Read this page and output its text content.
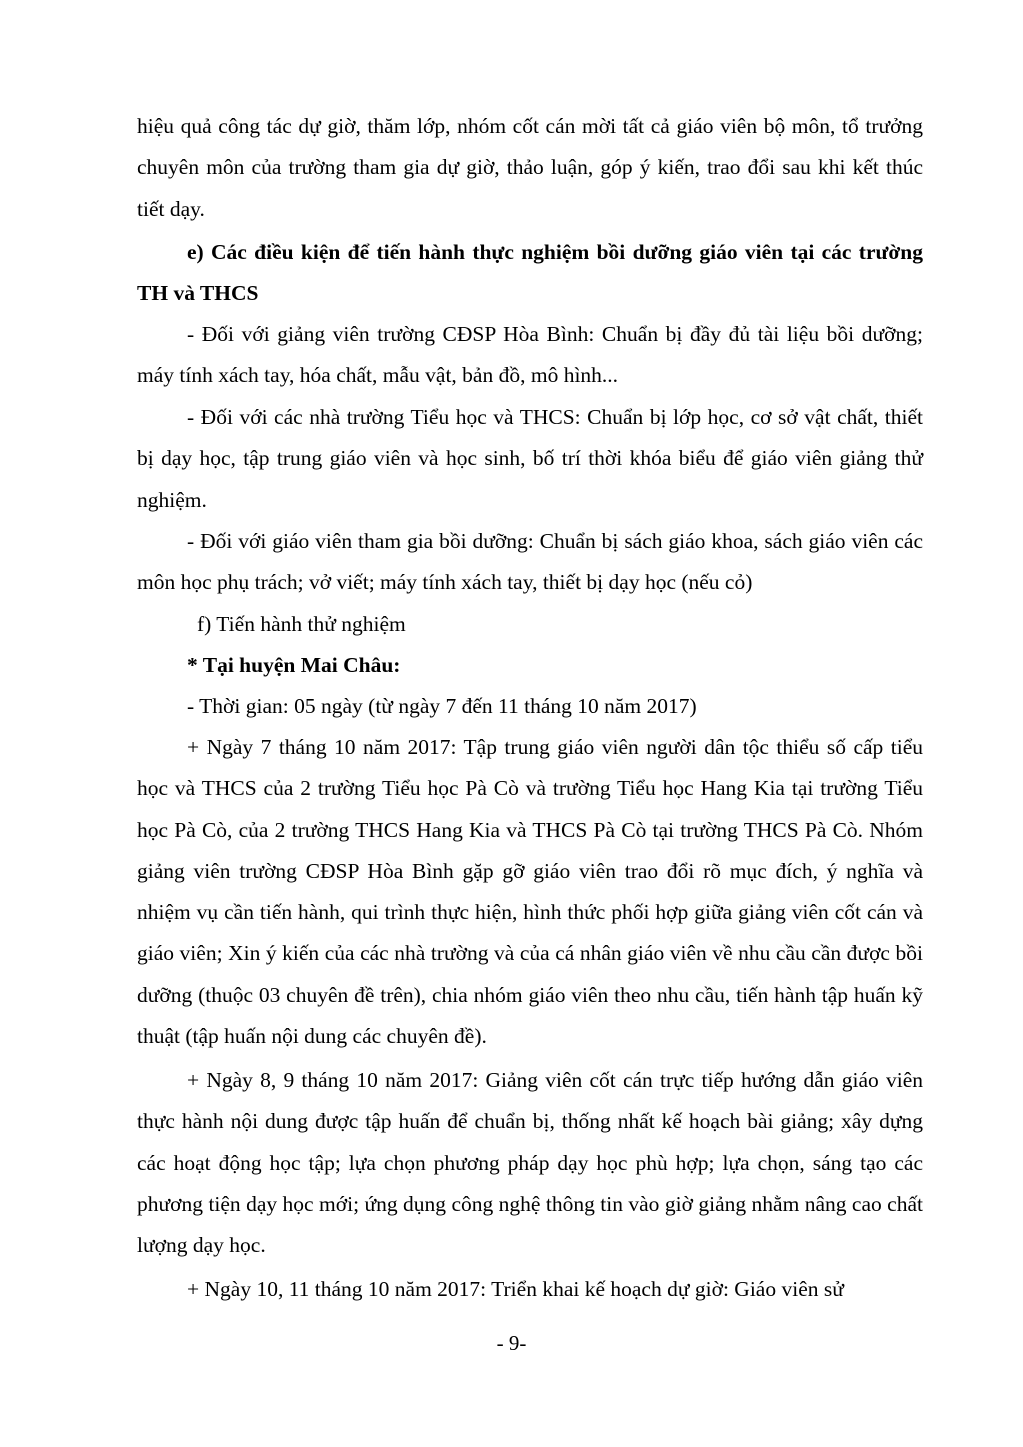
hiệu quả công tác dự giờ, thăm lớp, nhóm cốt cán mời tất cả giáo viên bộ môn, tổ trưởng chuyên môn của trường tham gia dự giờ, thảo luận, góp ý kiến, trao đổi sau khi kết thúc tiết dạy.

e) Các điều kiện để tiến hành thực nghiệm bồi dưỡng giáo viên tại các trường TH và THCS

- Đối với giảng viên trường CĐSP Hòa Bình: Chuẩn bị đầy đủ tài liệu bồi dưỡng; máy tính xách tay, hóa chất, mẫu vật, bản đồ, mô hình...

- Đối với các nhà trường Tiểu học và THCS: Chuẩn bị lớp học, cơ sở vật chất, thiết bị dạy học, tập trung giáo viên và học sinh, bố trí thời khóa biểu để giáo viên giảng thử nghiệm.

- Đối với giáo viên tham gia bồi dưỡng: Chuẩn bị sách giáo khoa, sách giáo viên các môn học phụ trách; vở viết; máy tính xách tay, thiết bị dạy học (nếu cỏ)

f) Tiến hành thử nghiệm

* Tại huyện Mai Châu:

- Thời gian: 05 ngày (từ ngày 7 đến 11 tháng 10 năm 2017)

+ Ngày 7 tháng 10 năm 2017: Tập trung giáo viên người dân tộc thiểu số cấp tiểu học và THCS của 2 trường Tiểu học Pà Cò và trường Tiểu học Hang Kia tại trường Tiểu học Pà Cò, của 2 trường THCS Hang Kia và THCS Pà Cò tại trường THCS Pà Cò. Nhóm giảng viên trường CĐSP Hòa Bình gặp gỡ giáo viên trao đổi rõ mục đích, ý nghĩa và nhiệm vụ cần tiến hành, qui trình thực hiện, hình thức phối hợp giữa giảng viên cốt cán và giáo viên; Xin ý kiến của các nhà trường và của cá nhân giáo viên về nhu cầu cần được bồi dưỡng (thuộc 03 chuyên đề trên), chia nhóm giáo viên theo nhu cầu, tiến hành tập huấn kỹ thuật (tập huấn nội dung các chuyên đề).

+ Ngày 8, 9 tháng 10 năm 2017: Giảng viên cốt cán trực tiếp hướng dẫn giáo viên thực hành nội dung được tập huấn để chuẩn bị, thống nhất kế hoạch bài giảng; xây dựng các hoạt động học tập; lựa chọn phương pháp dạy học phù hợp; lựa chọn, sáng tạo các phương tiện dạy học mới; ứng dụng công nghệ thông tin vào giờ giảng nhằm nâng cao chất lượng dạy học.

+ Ngày 10, 11 tháng 10 năm 2017: Triển khai kế hoạch dự giờ: Giáo viên sử

- 9-
